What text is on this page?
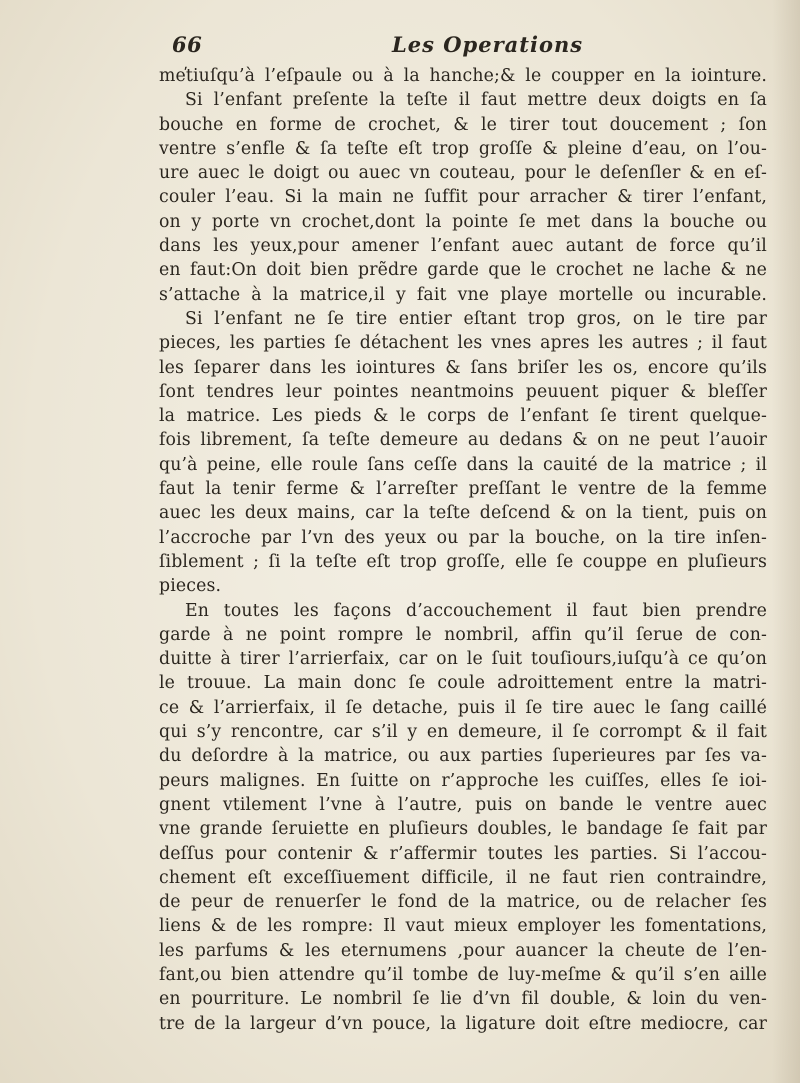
66	Les Operations
me̕tiuſqu’à l’eſpaule ou à la hanche;& le coupper en la iointure.
Si l’enfant preſente la teſte il faut mettre deux doigts en ſa
bouche en forme de crochet, & le tirer tout doucement ; ſon
ventre s’enfle & ſa teſte eſt trop groſſe & pleine d’eau, on l’ou-
ure auec le doigt ou auec vn couteau, pour le deſenſler & en eſ-
couler l’eau. Si la main ne ſuffit pour arracher & tirer l’enfant,
on y porte vn crochet,dont la pointe ſe met dans la bouche ou
dans les yeux,pour amener l’enfant auec autant de force qu’il
en faut:On doit bien prẽdre garde que le crochet ne lache & ne
s’attache à la matrice,il y fait vne playe mortelle ou incurable.
Si l’enfant ne ſe tire entier eſtant trop gros, on le tire par
pieces, les parties ſe détachent les vnes apres les autres ; il faut
les ſeparer dans les iointures & ſans briſer les os, encore qu’ils
ſont tendres leur pointes neantmoins peuuent piquer & bleſſer
la matrice. Les pieds & le corps de l’enfant ſe tirent quelque-
fois librement, ſa teſte demeure au dedans & on ne peut l’auoir
qu’à peine, elle roule ſans ceſſe dans la cauité de la matrice ; il
faut la tenir ferme & l’arreſter preſſant le ventre de la femme
auec les deux mains, car la teſte deſcend & on la tient, puis on
l’accroche par l’vn des yeux ou par la bouche, on la tire inſen-
ſiblement ; ſi la teſte eſt trop groſſe, elle ſe couppe en pluſieurs
pieces.
En toutes les façons d’accouchement il faut bien prendre
garde à ne point rompre le nombril, affin qu’il ſerue de con-
duitte à tirer l’arrierfaix, car on le ſuit touſiours,iuſqu’à ce qu’on
le trouue. La main donc ſe coule adroittement entre la matri-
ce & l’arrierfaix, il ſe detache, puis il ſe tire auec le ſang caillé
qui s’y rencontre, car s’il y en demeure, il ſe corrompt & il fait
du deſordre à la matrice, ou aux parties ſuperieures par ſes va-
peurs malignes. En ſuitte on r’approche les cuiſſes, elles ſe ioi-
gnent vtilement l’vne à l’autre, puis on bande le ventre auec
vne grande ſeruiette en pluſieurs doubles, le bandage ſe fait par
deſſus pour contenir & r’affermir toutes les parties. Si l’accou-
chement eſt exceſſiuement difficile, il ne faut rien contraindre,
de peur de renuerſer le fond de la matrice, ou de relacher ſes
liens & de les rompre: Il vaut mieux employer les fomentations,
les parfums & les eternumens ,pour auancer la cheute de l’en-
fant,ou bien attendre qu’il tombe de luy-meſme & qu’il s’en aille
en pourriture. Le nombril ſe lie d’vn fil double, & loin du ven-
tre de la largeur d’vn pouce, la ligature doit eſtre mediocre, car
